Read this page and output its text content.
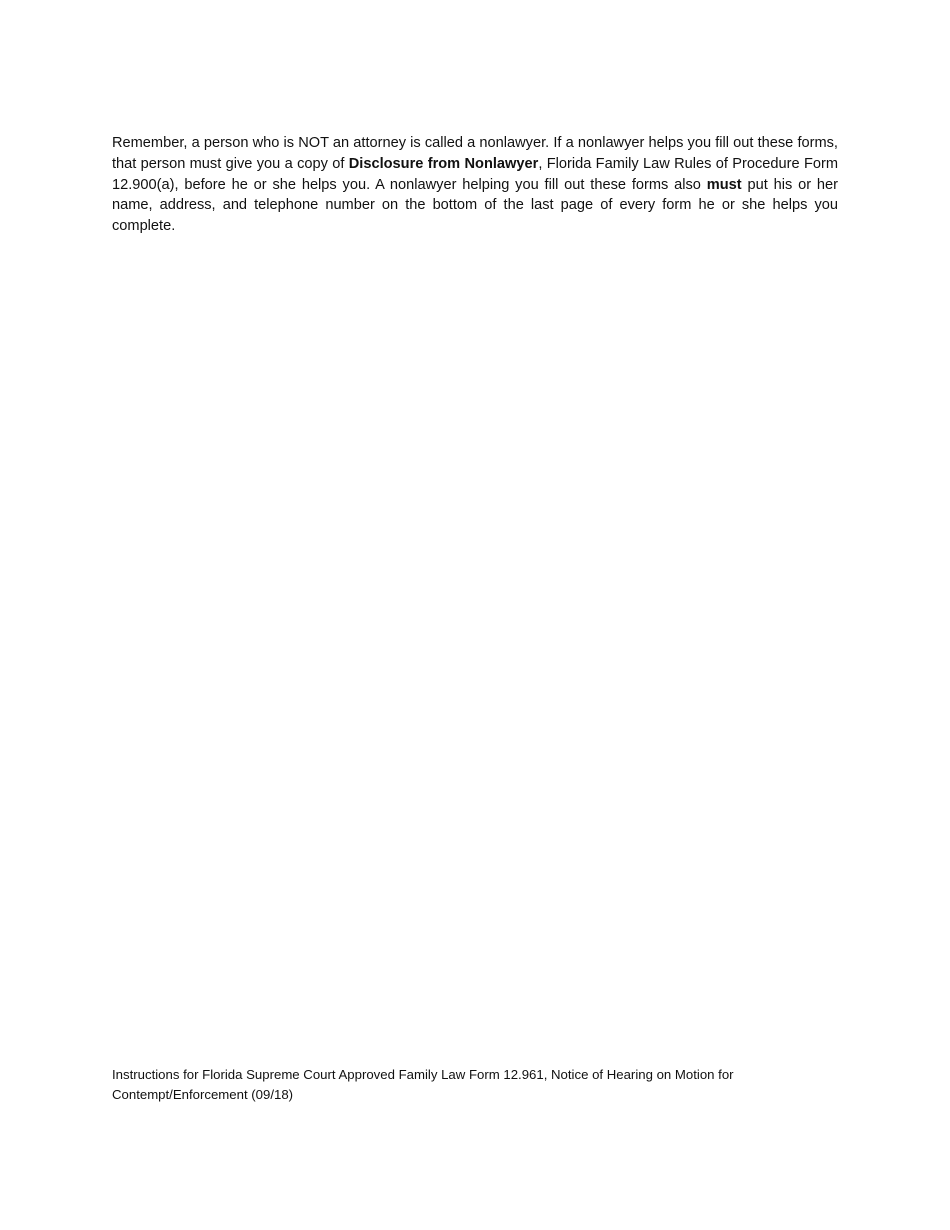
Remember, a person who is NOT an attorney is called a nonlawyer. If a nonlawyer helps you fill out these forms, that person must give you a copy of Disclosure from Nonlawyer, Florida Family Law Rules of Procedure Form 12.900(a), before he or she helps you. A nonlawyer helping you fill out these forms also must put his or her name, address, and telephone number on the bottom of the last page of every form he or she helps you complete.

Instructions for Florida Supreme Court Approved Family Law Form 12.961, Notice of Hearing on Motion for
Contempt/Enforcement (09/18)
